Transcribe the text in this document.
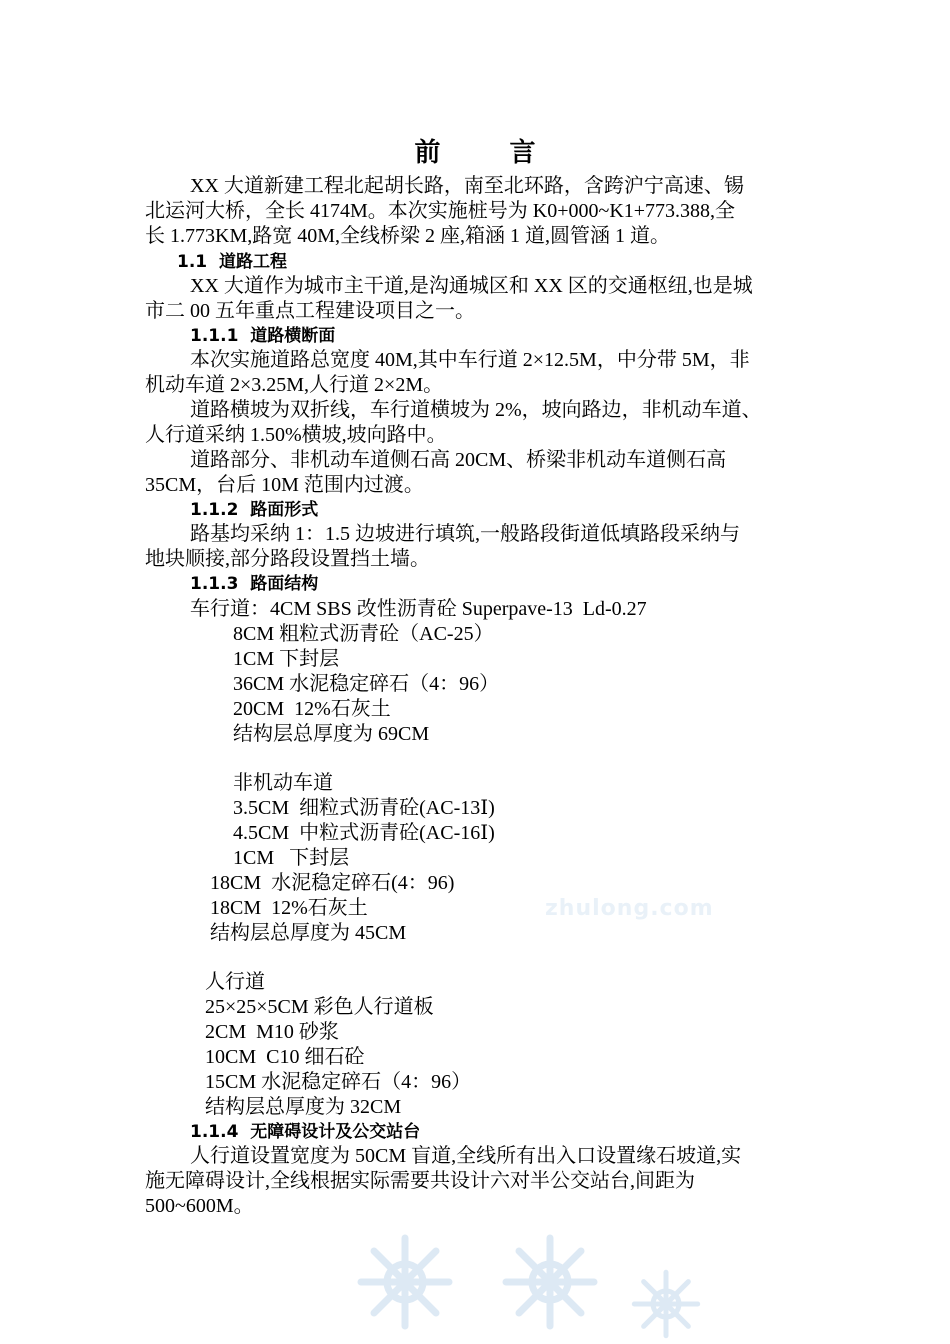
前 言
XX 大道新建工程北起胡长路，南至北环路，含跨沪宁高速、锡
北运河大桥，全长 4174M。本次实施桩号为 K0+000~K1+773.388,全
长 1.773KM,路宽 40M,全线桥梁 2 座,箱涵 1 道,圆管涵 1 道。
1.1  道路工程
XX 大道作为城市主干道,是沟通城区和 XX 区的交通枢纽,也是城
市二 00 五年重点工程建设项目之一。
1.1.1  道路横断面
本次实施道路总宽度 40M,其中车行道 2×12.5M，中分带 5M，非
机动车道 2×3.25M,人行道 2×2M。
道路横坡为双折线，车行道横坡为 2%，坡向路边，非机动车道、
人行道采纳 1.50%横坡,坡向路中。
道路部分、非机动车道侧石高 20CM、桥梁非机动车道侧石高
35CM，台后 10M 范围内过渡。
1.1.2  路面形式
路基均采纳 1：1.5 边坡进行填筑,一般路段街道低填路段采纳与
地块顺接,部分路段设置挡土墙。
1.1.3  路面结构
车行道：4CM SBS 改性沥青砼 Superpave-13  Ld-0.27
8CM 粗粒式沥青砼（AC-25）
1CM 下封层
36CM 水泥稳定碎石（4：96）
20CM  12%石灰土
结构层总厚度为 69CM
非机动车道
3.5CM  细粒式沥青砼(AC-13Ⅰ)
4.5CM  中粒式沥青砼(AC-16Ⅰ)
1CM   下封层
18CM  水泥稳定碎石(4：96)
18CM  12%石灰土
结构层总厚度为 45CM
人行道
25×25×5CM 彩色人行道板
2CM  M10 砂浆
10CM  C10 细石砼
15CM 水泥稳定碎石（4：96）
结构层总厚度为 32CM
1.1.4  无障碍设计及公交站台
人行道设置宽度为 50CM 盲道,全线所有出入口设置缘石坡道,实
施无障碍设计,全线根据实际需要共设计六对半公交站台,间距为
500~600M。
zhulong.com
